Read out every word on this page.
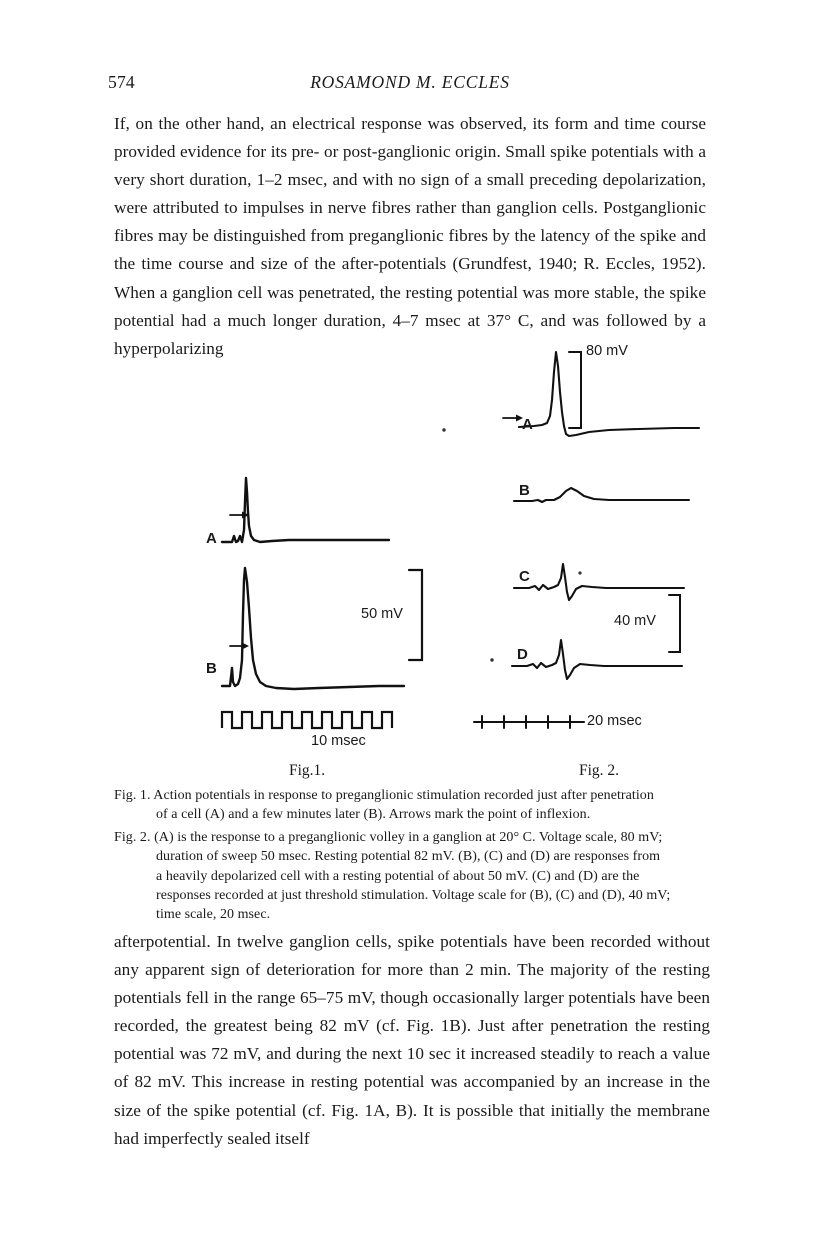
574	ROSAMOND M. ECCLES
If, on the other hand, an electrical response was observed, its form and time course provided evidence for its pre- or post-ganglionic origin. Small spike potentials with a very short duration, 1–2 msec, and with no sign of a small preceding depolarization, were attributed to impulses in nerve fibres rather than ganglion cells. Postganglionic fibres may be distinguished from preganglionic fibres by the latency of the spike and the time course and size of the after-potentials (Grundfest, 1940; R. Eccles, 1952). When a ganglion cell was penetrated, the resting potential was more stable, the spike potential had a much longer duration, 4–7 msec at 37° C, and was followed by a hyperpolarizing
A
B
A
B
C
D
80 mV
50 mV	40 mV
10 msec
20 msec
Fig.1.	Fig. 2.
Fig. 1. Action potentials in response to preganglionic stimulation recorded just after penetration
of a cell (A) and a few minutes later (B). Arrows mark the point of inflexion.
Fig. 2. (A) is the response to a preganglionic volley in a ganglion at 20° C. Voltage scale, 80 mV;
duration of sweep 50 msec. Resting potential 82 mV. (B), (C) and (D) are responses from
a heavily depolarized cell with a resting potential of about 50 mV. (C) and (D) are the
responses recorded at just threshold stimulation. Voltage scale for (B), (C) and (D), 40 mV;
time scale, 20 msec.
afterpotential. In twelve ganglion cells, spike potentials have been recorded without any apparent sign of deterioration for more than 2 min. The majority of the resting potentials fell in the range 65–75 mV, though occasionally larger potentials have been recorded, the greatest being 82 mV (cf. Fig. 1B). Just after penetration the resting potential was 72 mV, and during the next 10 sec it increased steadily to reach a value of 82 mV. This increase in resting potential was accompanied by an increase in the size of the spike potential (cf. Fig. 1A, B). It is possible that initially the membrane had imperfectly sealed itself
